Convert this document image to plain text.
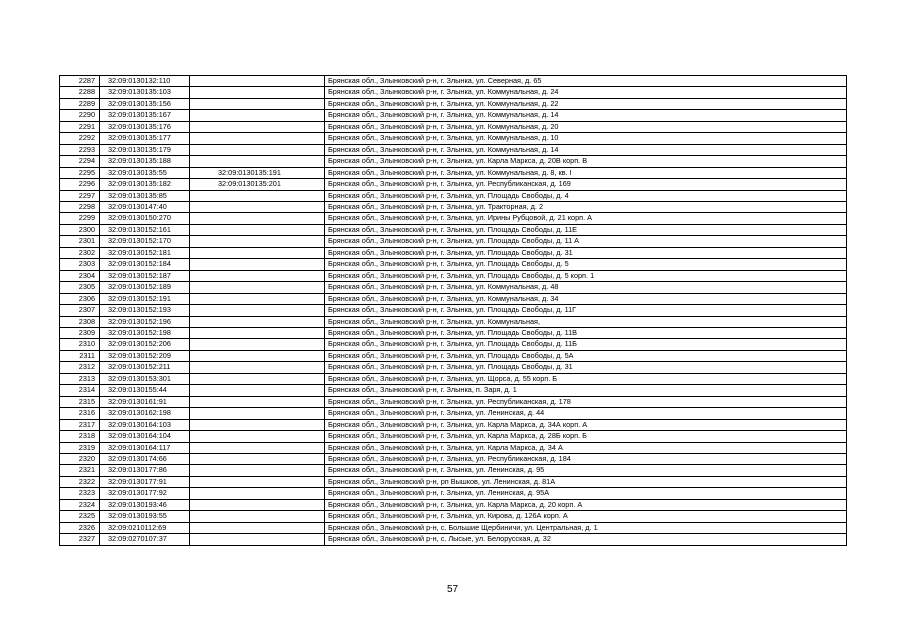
2287	32:09:0130132:110		Брянская обл., Злынковский р-н, г. Злынка, ул. Северная, д. 65
2288	32:09:0130135:103		Брянская обл., Злынковский р-н, г. Злынка, ул. Коммунальная, д. 24
2289	32:09:0130135:156		Брянская обл., Злынковский р-н, г. Злынка, ул. Коммунальная, д. 22
2290	32:09:0130135:167		Брянская обл., Злынковский р-н, г. Злынка, ул. Коммунальная, д. 14
2291	32:09:0130135:176		Брянская обл., Злынковский р-н, г. Злынка, ул. Коммунальная, д. 20
2292	32:09:0130135:177		Брянская обл., Злынковский р-н, г. Злынка, ул. Коммунальная, д. 10
2293	32:09:0130135:179		Брянская обл., Злынковский р-н, г. Злынка, ул. Коммунальная, д. 14
2294	32:09:0130135:188		Брянская обл., Злынковский р-н, г. Злынка, ул. Карла Маркса, д. 20В корп. В
2295	32:09:0130135:55	32:09:0130135:191	Брянская обл., Злынковский р-н, г. Злынка, ул. Коммунальная, д. 8, кв. I
2296	32:09:0130135:182	32:09:0130135:201	Брянская обл., Злынковский р-н, г. Злынка, ул. Республиканская, д. 169
2297	32:09:0130135:85		Брянская обл., Злынковский р-н, г. Злынка, ул. Площадь Свободы, д. 4
2298	32:09:0130147:40		Брянская обл., Злынковский р-н, г. Злынка, ул. Тракторная, д. 2
2299	32:09:0130150:270		Брянская обл., Злынковский р-н, г. Злынка, ул. Ирины Рубцовой, д. 21 корп. А
2300	32:09:0130152:161		Брянская обл., Злынковский р-н, г. Злынка, ул. Площадь Свободы, д. 11Е
2301	32:09:0130152:170		Брянская обл., Злынковский р-н, г. Злынка, ул. Площадь Свободы, д. 11 А
2302	32:09:0130152:181		Брянская обл., Злынковский р-н, г. Злынка, ул. Площадь Свободы, д. 31
2303	32:09:0130152:184		Брянская обл., Злынковский р-н, г. Злынка, ул. Площадь Свободы, д. 5
2304	32:09:0130152:187		Брянская обл., Злынковский р-н, г. Злынка, ул. Площадь Свободы, д. 5 корп. 1
2305	32:09:0130152:189		Брянская обл., Злынковский р-н, г. Злынка, ул. Коммунальная, д. 48
2306	32:09:0130152:191		Брянская обл., Злынковский р-н, г. Злынка, ул. Коммунальная, д. 34
2307	32:09:0130152:193		Брянская обл., Злынковский р-н, г. Злынка, ул. Площадь Свободы, д. 11Г
2308	32:09:0130152:196		Брянская обл., Злынковский р-н, г. Злынка, ул. Коммунальная,
2309	32:09:0130152:198		Брянская обл., Злынковский р-н, г. Злынка, ул. Площадь Свободы, д. 11В
2310	32:09:0130152:206		Брянская обл., Злынковский р-н, г. Злынка, ул. Площадь Свободы, д. 11Б
2311	32:09:0130152:209		Брянская обл., Злынковский р-н, г. Злынка, ул. Площадь Свободы, д. 5А
2312	32:09:0130152:211		Брянская обл., Злынковский р-н, г. Злынка, ул. Площадь Свободы, д. 31
2313	32:09:0130153:301		Брянская обл., Злынковский р-н, г. Злынка, ул. Щорса, д. 55 корп. Б
2314	32:09:0130155:44		Брянская обл., Злынковский р-н, г. Злынка, п. Заря, д. 1
2315	32:09:0130161:91		Брянская обл., Злынковский р-н, г. Злынка, ул. Республиканская, д. 178
2316	32:09:0130162:198		Брянская обл., Злынковский р-н, г. Злынка, ул. Ленинская, д. 44
2317	32:09:0130164:103		Брянская обл., Злынковский р-н, г. Злынка, ул. Карла Маркса, д. 34А корп. А
2318	32:09:0130164:104		Брянская обл., Злынковский р-н, г. Злынка, ул. Карла Маркса, д. 28Б корп. Б
2319	32:09:0130164:117		Брянская обл., Злынковский р-н, г. Злынка, ул. Карла Маркса, д. 34 А
2320	32:09:0130174:66		Брянская обл., Злынковский р-н, г. Злынка, ул. Республиканская, д. 184
2321	32:09:0130177:86		Брянская обл., Злынковский р-н, г. Злынка, ул. Ленинская, д. 95
2322	32:09:0130177:91		Брянская обл., Злынковский р-н, рп Вышков, ул. Ленинская, д. 81А
2323	32:09:0130177:92		Брянская обл., Злынковский р-н, г. Злынка, ул. Ленинская, д. 95А
2324	32:09:0130193:46		Брянская обл., Злынковский р-н, г. Злынка, ул. Карла Маркса, д. 20 корп. А
2325	32:09:0130193:55		Брянская обл., Злынковский р-н, г. Злынка, ул. Кирова, д. 126А корп. А
2326	32:09:0210112:69		Брянская обл., Злынковский р-н, с. Большие Щербиничи, ул. Центральная, д. 1
2327	32:09:0270107:37		Брянская обл., Злынковский р-н, с. Лысые, ул. Белорусская, д. 32
57
